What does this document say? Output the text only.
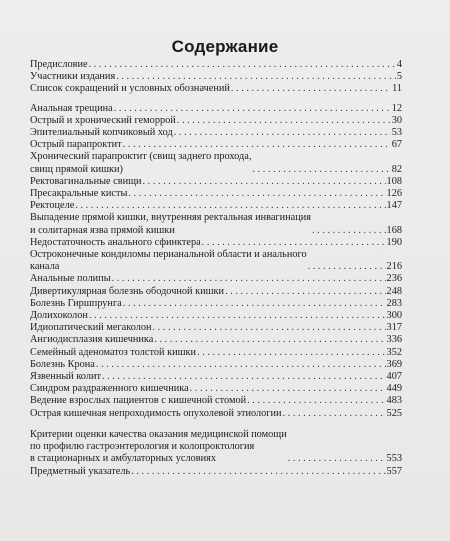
Содержание
Предисловие . . .	4
Участники издания . . .	5
Список сокращений и условных обозначений . . .	11
Анальная трещина . . .	12
Острый и хронический геморрой . . .	30
Эпителиальный копчиковый ход . . .	53
Острый парапроктит . . .	67
Хронический парапроктит (свищ заднего прохода,
свищ прямой кишки) . . .	82
Ректовагинальные свищи . . .	108
Пресакральные кисты . . .	126
Ректоцеле . . .	147
Выпадение прямой кишки, внутренняя ректальная инвагинация
и солитарная язва прямой кишки . . .	168
Недостаточность анального сфинктера . . .	190
Остроконечные кондиломы перианальной области и анального
канала . . .	216
Анальные полипы . . .	236
Дивертикулярная болезнь ободочной кишки . . .	248
Болезнь Гиршпрунга . . .	283
Долихоколон . . .	300
Идиопатический мегаколон . . .	317
Ангиодисплазия кишечника . . .	336
Семейный аденоматоз толстой кишки . . .	352
Болезнь Крона . . .	369
Язвенный колит . . .	407
Синдром раздраженного кишечника . . .	449
Ведение взрослых пациентов с кишечной стомой . . .	483
Острая кишечная непроходимость опухолевой этиологии . . .	525
Критерии оценки качества оказания медицинской помощи
по профилю гастроэнтерология и колопроктология
в стационарных и амбулаторных условиях . . .	553
Предметный указатель . . .	557
